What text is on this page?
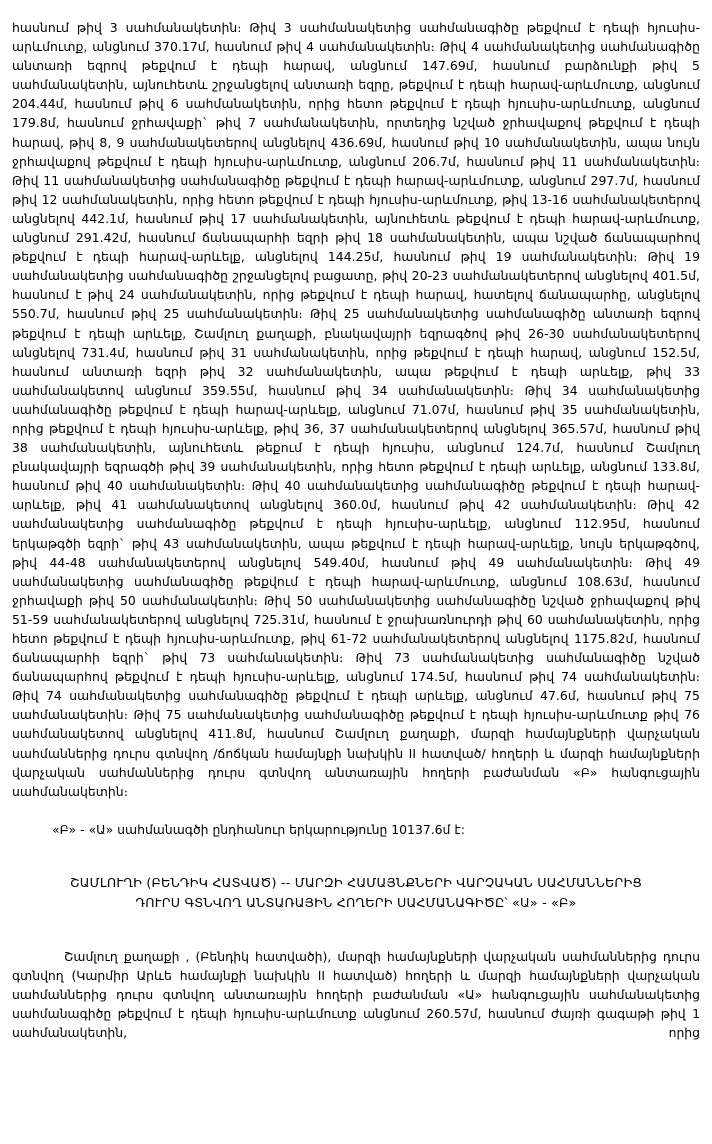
հասնում թիվ 3 սահմանակետին։ Թիվ 3 սահմանակետից սահմանագիծը թեքվում է դեպի հյուսիս-արևմուտք, անցնում 370.17մ, հասնում թիվ 4 սահմանակետին։ Թիվ 4 սահմանակետից սահմանագիծը անտառի եզրով թեքվում է դեպի հարավ, անցնում 147.69մ, հասնում բարձունքի թիվ 5 սահմանակետին, այնուհետև շրջանցելով անտառի եզրը, թեքվում է դեպի հարավ-արևմուտք, անցնում 204.44մ, հասնում թիվ 6 սահմանակետին, որից հետո թեքվում է դեպի հյուսիս-արևմուտք, անցնում 179.8մ, հասնում ջրհավաքի` թիվ 7 սահմանակետին, որտեղից նշված ջրհավաքով թեքվում է դեպի հարավ, թիվ 8, 9 սահմանակետերով անցնելով 436.69մ, հասնում թիվ 10 սահմանակետին, ապա նույն ջրհավաքով թեքվում է դեպի հյուսիս-արևմուտք, անցնում 206.7մ, հասնում թիվ 11 սահմանակետին։ Թիվ 11 սահմանակետից սահմանագիծը թեքվում է դեպի հարավ-արևմուտք, անցնում 297.7մ, հասնում թիվ 12 սահմանակետին, որից հետո թեքվում է դեպի հյուսիս-արևմուտք, թիվ 13-16 սահմանակետերով անցնելով 442.1մ, հասնում թիվ 17 սահմանակետին, այնուհետև թեքվում է դեպի հարավ-արևմուտք, անցնում 291.42մ, հասնում ճանապարհի եզրի թիվ 18 սահմանակետին, ապա նշված ճանապարհով թեքվում է դեպի հարավ-արևելք, անցնելով 144.25մ, հասնում թիվ 19 սահմանակետին։ Թիվ 19 սահմանակետից սահմանագիծը շրջանցելով բացատը, թիվ 20-23 սահմանակետերով անցնելով 401.5մ, հասնում է թիվ 24 սահմանակետին, որից թեքվում է դեպի հարավ, հատելով ճանապարհը, անցնելով 550.7մ, հասնում թիվ 25 սահմանակետին։ Թիվ 25 սահմանակետից սահմանագիծը անտառի եզրով թեքվում է դեպի արևելք, Շամլուղ քաղաքի, բնակավայրի եզրագծով թիվ 26-30 սահմանակետերով անցնելով 731.4մ, հասնում թիվ 31 սահմանակետին, որից թեքվում է դեպի հարավ, անցնում 152.5մ, հասնում անտառի եզրի թիվ 32 սահմանակետին, ապա թեքվում է դեպի արևելք, թիվ 33 սահմանակետով անցնում 359.55մ, հասնում թիվ 34 սահմանակետին։ Թիվ 34 սահմանակետից սահմանագիծը թեքվում է դեպի հարավ-արևելք, անցնում 71.07մ, հասնում թիվ 35 սահմանակետին, որից թեքվում է դեպի հյուսիս-արևելք, թիվ 36, 37 սահմանակետերով անցնելով 365.57մ, հասնում թիվ 38 սահմանակետին, այնուհետև թեքում է դեպի հյուսիս, անցնում 124.7մ, հասնում Շամլուղ բնակավայրի եզրագծի թիվ 39 սահմանակետին, որից հետո թեքվում է դեպի արևելք, անցնում 133.8մ, հասնում թիվ 40 սահմանակետին։ Թիվ 40 սահմանակետից սահմանագիծը թեքվում է դեպի հարավ-արևելք, թիվ 41 սահմանակետով անցնելով 360.0մ, հասնում թիվ 42 սահմանակետին։ Թիվ 42 սահմանակետից սահմանագիծը թեքվում է դեպի հյուսիս-արևելք, անցնում 112.95մ, հասնում երկաթգծի եզրի` թիվ 43 սահմանակետին, ապա թեքվում է դեպի հարավ-արևելք, նույն երկաթգծով, թիվ 44-48 սահմանակետերով անցնելով 549.40մ, հասնում թիվ 49 սահմանակետին։ Թիվ 49 սահմանակետից սահմանագիծը թեքվում է դեպի հարավ-արևմուտք, անցնում 108.63մ, հասնում ջրհավաքի թիվ 50 սահմանակետին։ Թիվ 50 սահմանակետից սահմանագիծը նշված ջրհավաքով թիվ 51-59 սահմանակետերով անցնելով 725.31մ, հասնում է ջրախառնուրդի թիվ 60 սահմանակետին, որից հետո թեքվում է դեպի հյուսիս-արևմուտք, թիվ 61-72 սահմանակետերով անցնելով 1175.82մ, հասնում ճանապարհի եզրի` թիվ 73 սահմանակետին։ Թիվ 73 սահմանակետից սահմանագիծը նշված ճանապարհով թեքվում է դեպի հյուսիս-արևելք, անցնում 174.5մ, հասնում թիվ 74 սահմանակետին։ Թիվ 74 սահմանակետից սահմանագիծը թեքվում է դեպի արևելք, անցնում 47.6մ, հասնում թիվ 75 սահմանակետին։ Թիվ 75 սահմանակետից սահմանագիծը թեքվում է դեպի հյուսիս-արևմուտք թիվ 76 սահմանակետով անցնելով 411.8մ, հասնում Շամլուղ քաղաքի, մարզի համայնքների վարչական սահմաններից դուրս գտնվող /ճոճկան համայնքի նախկին II հատված/ հողերի և մարզի համայնքների վարչական սահմաններից դուրս գտնվող անտառային հողերի բաժանման «Բ» հանգուցային սահմանակետին։

«Բ» - «Ա» սահմանագծի ընդհանուր երկարությունը 10137.6մ է:

ՇԱՄԼՈՒՂԻ (ԲԵՆԴԻԿ ՀԱՏՎԱԾ) -- ՄԱՐԶԻ ՀԱՄԱՅՆՔՆԵՐԻ ՎԱՐՉԱԿԱՆ ՍԱՀՄԱՆՆԵՐԻՑ
ԴՈՒՐՍ ԳՏՆՎՈՂ ԱՆՏԱՌԱՅԻՆ ՀՈՂԵՐԻ ՍԱՀՄԱՆԱԳԻԾԸ՝ «Ա» - «Բ»

Շամլուղ քաղաքի , (Բենդիկ հատվածի), մարզի համայնքների վարչական սահմաններից դուրս գտնվող (Կարմիր Արևե համայնքի նախկին II հատված) հողերի և մարզի համայնքների վարչական սահմաններից դուրս գտնվող անտառային հողերի բաժանման «Ա» հանգուցային սահմանակետից սահմանագիծը թեքվում է դեպի հյուսիս-արևմուտք անցնում 260.57մ, հասնում ժայռի գագաթի թիվ 1 սահմանակետին, որից
